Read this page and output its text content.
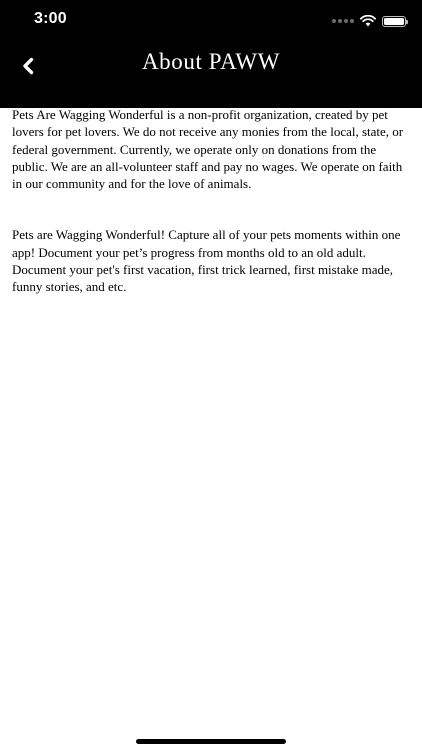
3:00
About PAWW

Pets Are Wagging Wonderful is a non-profit organization, created by pet lovers for pet lovers. We do not receive any monies from the local, state, or federal government. Currently, we operate only on donations from the public. We are an all-volunteer staff and pay no wages. We operate on faith in our community and for the love of animals.

Pets are Wagging Wonderful! Capture all of your pets moments within one app! Document your pet’s progress from months old to an old adult. Document your pet's first vacation, first trick learned, first mistake made, funny stories, and etc.
